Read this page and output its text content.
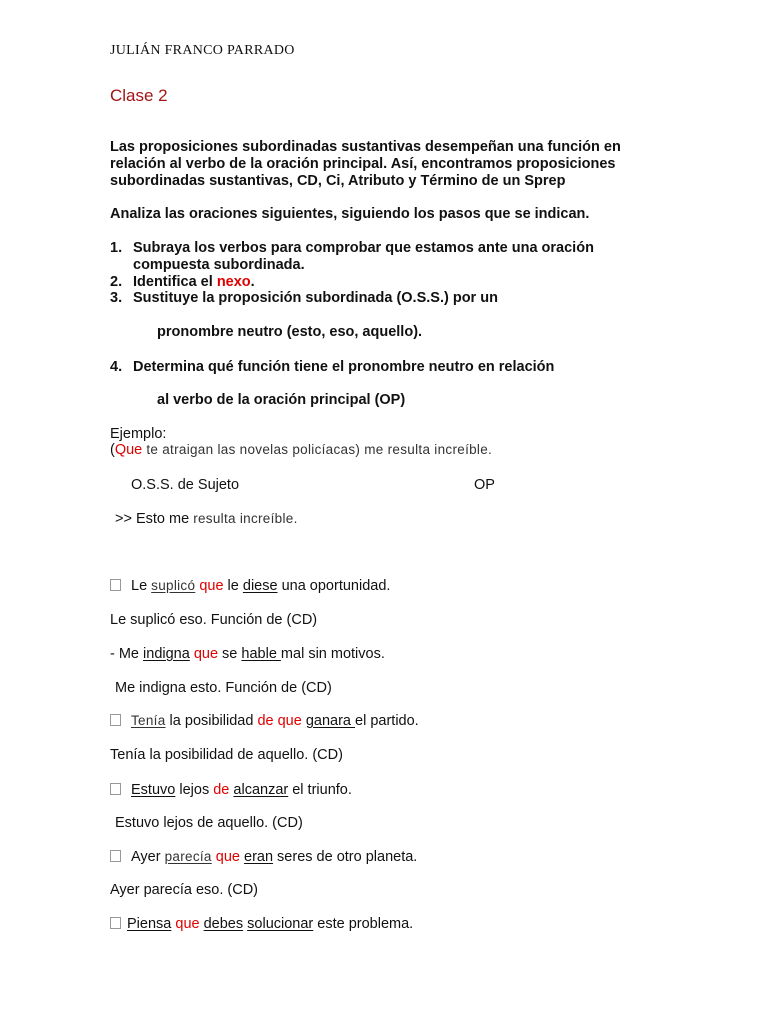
JULIÁN FRANCO PARRADO
Clase 2
Las proposiciones subordinadas sustantivas desempeñan una función en
relación al verbo de la oración principal. Así, encontramos proposiciones
subordinadas sustantivas, CD, Ci, Atributo y Término de un Sprep
Analiza las oraciones siguientes, siguiendo los pasos que se indican.
1. Subraya los verbos para comprobar que estamos ante una oración
compuesta subordinada.
2. Identifica el nexo.
3. Sustituye la proposición subordinada (O.S.S.) por un
pronombre neutro (esto, eso, aquello).
4. Determina qué función tiene el pronombre neutro en relación
al verbo de la oración principal (OP)
Ejemplo:
(Que te atraigan las novelas policíacas) me resulta increíble.
O.S.S. de Sujeto	OP
>> Esto me resulta increíble.
Le suplicó que le diese una oportunidad.
Le suplicó eso. Función de (CD)
- Me indigna que se hable mal sin motivos.
Me indigna esto. Función de (CD)
Tenía la posibilidad de que ganara el partido.
Tenía la posibilidad de aquello. (CD)
Estuvo lejos de alcanzar el triunfo.
Estuvo lejos de aquello. (CD)
Ayer parecía que eran seres de otro planeta.
Ayer parecía eso. (CD)
Piensa que debes solucionar este problema.
